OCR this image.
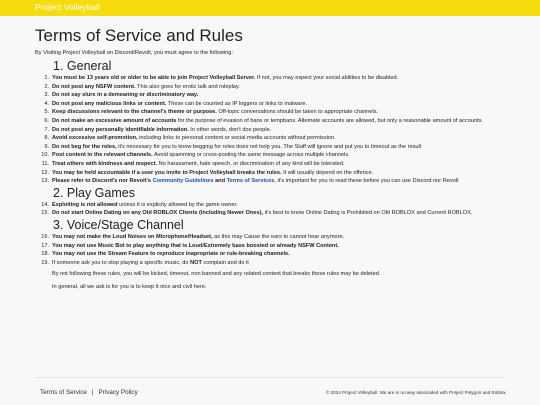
Project Volleyball
Terms of Service and Rules
By Visiting Project Volleyball on Discord/Revolt, you must agree to the following:
1. General
1. You must be 13 years old or older to be able to join Project Volleyball Server. If not, you may expect your social abilities to be disabled.
2. Do not post any NSFW content. This also goes for erotic talk and roleplay.
3. Do not say slurs in a demeaning or discriminatory way.
4. Do not post any malicious links or content. These can be counted as IP loggers or links to malware.
5. Keep discussions relevant to the channel's theme or purpose. Off-topic conversations should be taken to appropriate channels.
6. Do not make an excessive amount of accounts for the purpose of evasion of bans or tempbans. Alternate accounts are allowed, but only a reasonable amount of accounts.
7. Do not post any personally identifiable information. In other words, don't dox people.
8. Avoid excessive self-promotion, including links to personal content or social media accounts without permission.
9. Do not beg for the roles, it's necessary for you to know begging for roles does not help you, The Staff will ignore and put you to timeout as the result
10. Post content in the relevant channels. Avoid spamming or cross-posting the same message across multiple channels.
11. Treat others with kindness and respect. No harassment, hate speech, or discrimination of any kind will be tolerated.
12. You may be held accountable if a user you invite to Project Volleyball breaks the rules. It will usually depend on the offence.
13. Please refer to Discord's nor Revolt's Community Guidelines and Terms of Services, it's important for you to read these before you can use Discord nor Revolt
2. Play Games
14. Exploiting is not allowed unless it is explicity allowed by the game owner.
15. Do not start Online Dating on any Old ROBLOX Clients (Including Newer Ones), it's best to know Online Dating is Prohibited on Old ROBLOX and Current ROBLOX.
3. Voice/Stage Channel
16. You may not make the Loud Noises on Microphone/Headset, as this may Cause the ears to cannot hear anymore.
17. You may not use Music Bot to play anything that is Loud/Extremely bass boosted or already NSFW Content.
18. You may not use the Stream Feature to reproduce inapropriate or rule-breaking channels.
19. If someone ask you to stop playing a specific music, do NOT complain and do it
By not following these rules, you will be kicked, timeout, non banned and any related content that breaks these rules may be deleted.
In general, all we ask is for you is to keep it nice and civil here.
Terms of Service | Privacy Policy	© 2024 Project Volleyball. We are in no way associated with Project Polygon and Roblox.
